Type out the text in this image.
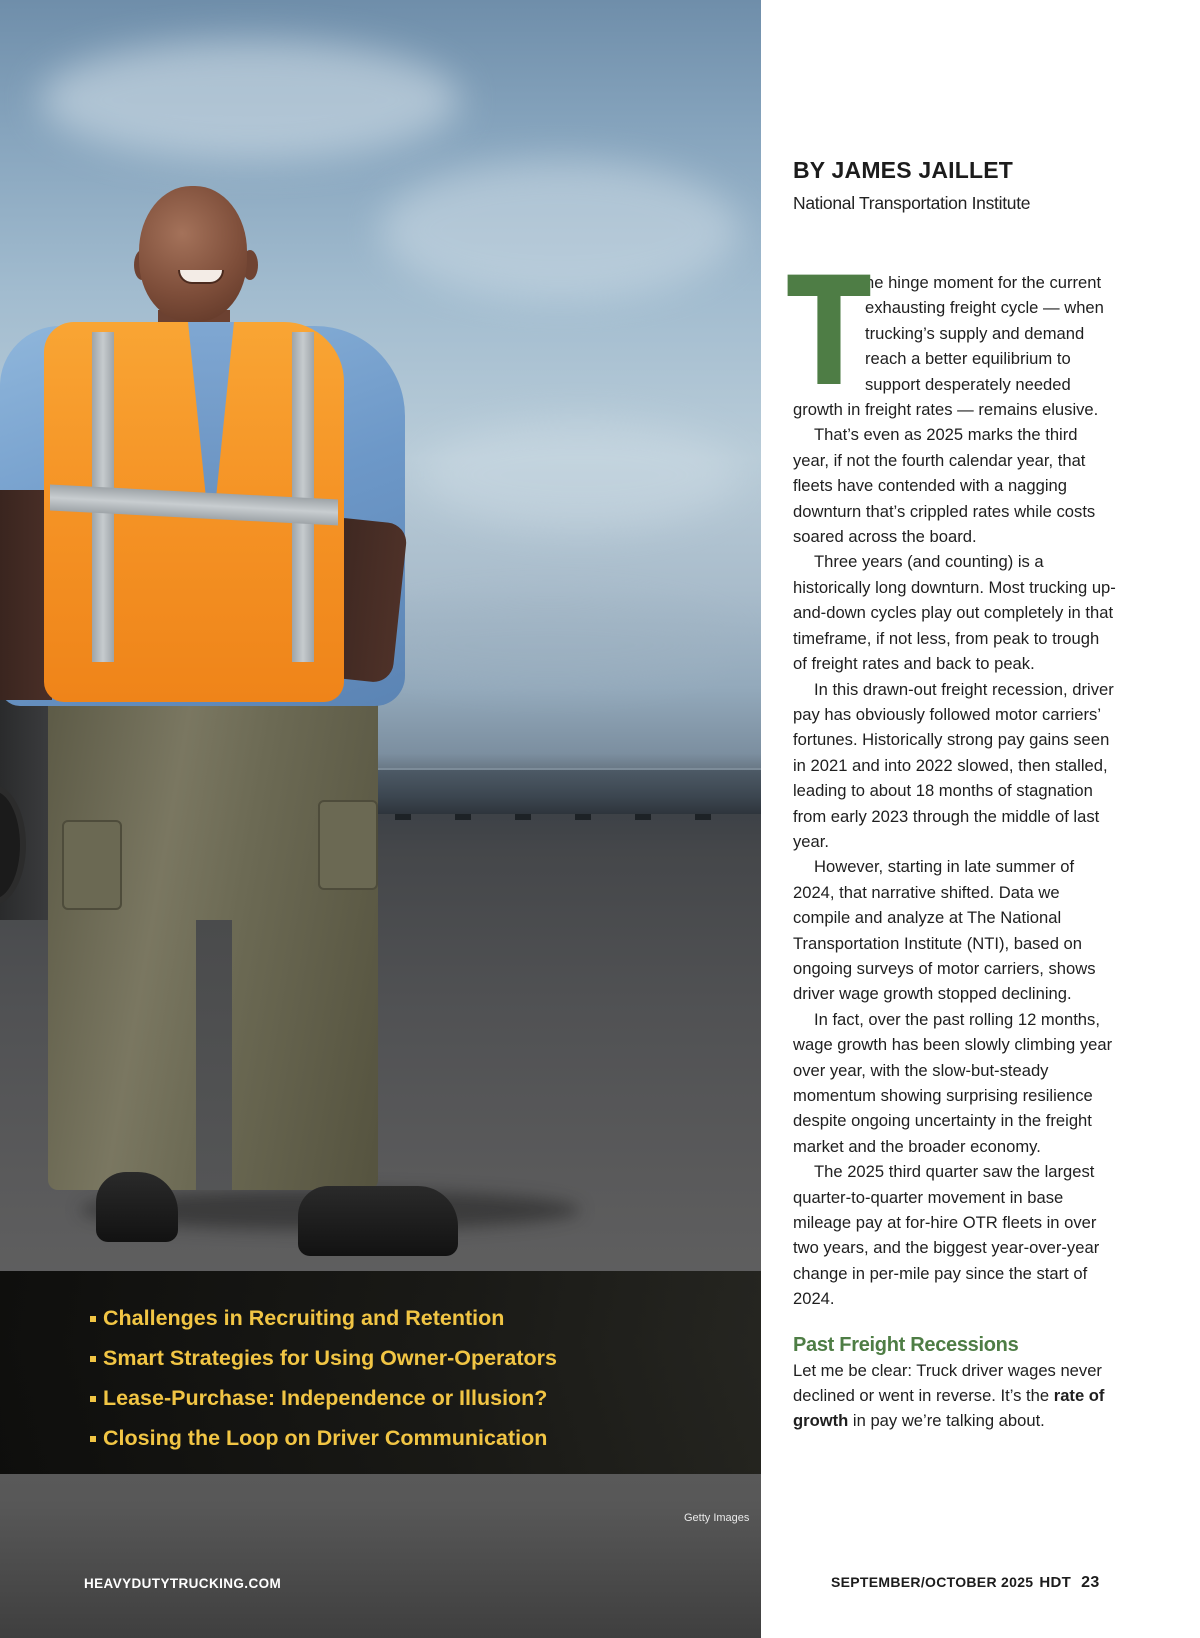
Challenges in Recruiting and Retention
Smart Strategies for Using Owner-Operators
Lease-Purchase: Independence or Illusion?
Closing the Loop on Driver Communication
Getty Images
HEAVYDUTYTRUCKING.COM
BY JAMES JAILLET
National Transportation Institute

T
he hinge moment for the current exhausting freight cycle — when trucking’s supply and demand reach a better equilibrium to support desperately needed growth in freight rates — remains elusive.

That’s even as 2025 marks the third year, if not the fourth calendar year, that fleets have contended with a nagging downturn that’s crippled rates while costs soared across the board.

Three years (and counting) is a historically long downturn. Most trucking up-and-down cycles play out completely in that timeframe, if not less, from peak to trough of freight rates and back to peak.

In this drawn-out freight recession, driver pay has obviously followed motor carriers’ fortunes. Historically strong pay gains seen in 2021 and into 2022 slowed, then stalled, leading to about 18 months of stagnation from early 2023 through the middle of last year.

However, starting in late summer of 2024, that narrative shifted. Data we compile and analyze at The National Transportation Institute (NTI), based on ongoing surveys of motor carriers, shows driver wage growth stopped declining.

In fact, over the past rolling 12 months, wage growth has been slowly climbing year over year, with the slow-but-steady momentum showing surprising resilience despite ongoing uncertainty in the freight market and the broader economy.

The 2025 third quarter saw the largest quarter-to-quarter movement in base mileage pay at for-hire OTR fleets in over two years, and the biggest year-over-year change in per-mile pay since the start of 2024.

Past Freight Recessions

Let me be clear: Truck driver wages never declined or went in reverse. It’s the rate of growth in pay we’re talking about.

SEPTEMBER/OCTOBER 2025 HDT 23
